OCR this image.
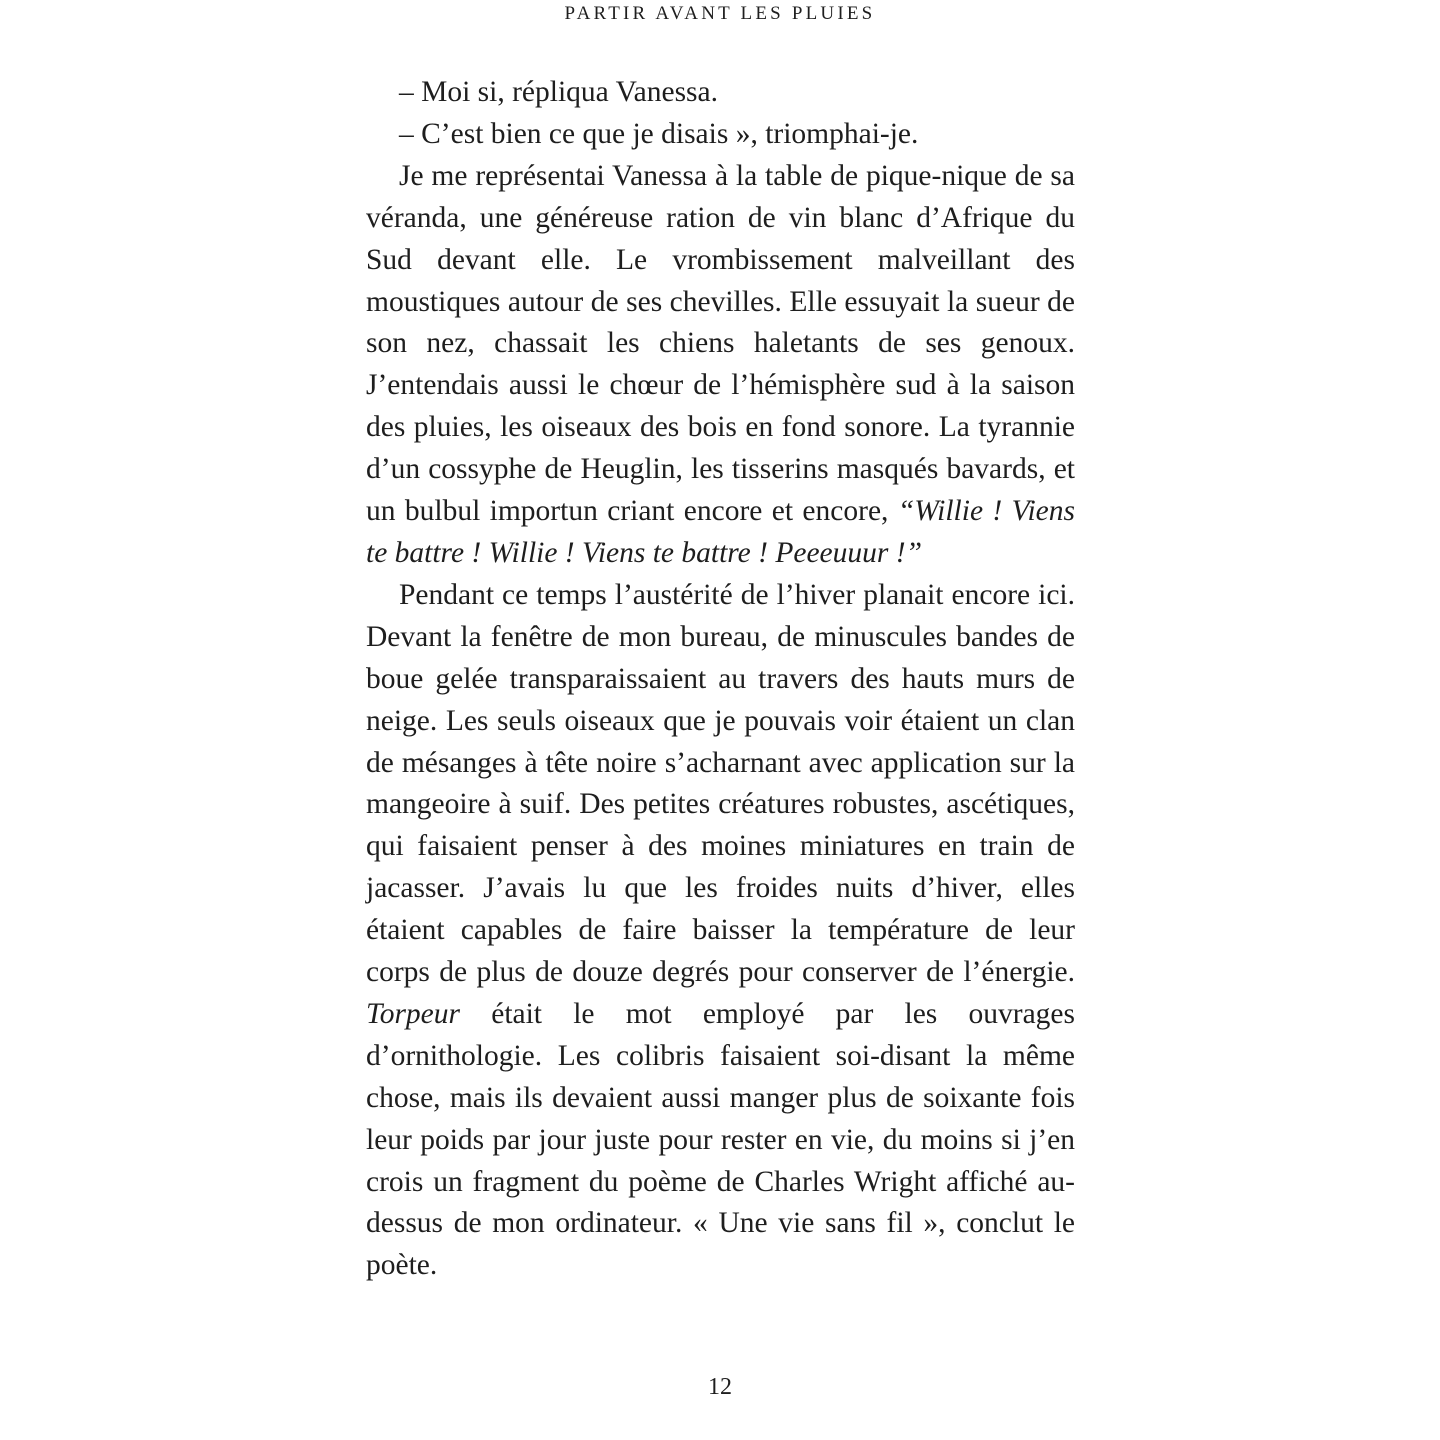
PARTIR AVANT LES PLUIES

– Moi si, répliqua Vanessa.

– C’est bien ce que je disais », triomphai-je.

Je me représentai Vanessa à la table de pique-nique de sa véranda, une généreuse ration de vin blanc d’Afrique du Sud devant elle. Le vrombissement malveillant des moustiques autour de ses chevilles. Elle essuyait la sueur de son nez, chassait les chiens haletants de ses genoux. J’entendais aussi le chœur de l’hémisphère sud à la saison des pluies, les oiseaux des bois en fond sonore. La tyrannie d’un cossyphe de Heuglin, les tisserins masqués bavards, et un bulbul importun criant encore et encore, “Willie ! Viens te battre ! Willie ! Viens te battre ! Peeeuuur !”

Pendant ce temps l’austérité de l’hiver planait encore ici. Devant la fenêtre de mon bureau, de minuscules bandes de boue gelée transparaissaient au travers des hauts murs de neige. Les seuls oiseaux que je pouvais voir étaient un clan de mésanges à tête noire s’acharnant avec application sur la mangeoire à suif. Des petites créatures robustes, ascétiques, qui faisaient penser à des moines miniatures en train de jacasser. J’avais lu que les froides nuits d’hiver, elles étaient capables de faire baisser la température de leur corps de plus de douze degrés pour conserver de l’énergie. Torpeur était le mot employé par les ouvrages d’ornithologie. Les colibris faisaient soi-disant la même chose, mais ils devaient aussi manger plus de soixante fois leur poids par jour juste pour rester en vie, du moins si j’en crois un fragment du poème de Charles Wright affiché au-dessus de mon ordinateur. « Une vie sans fil », conclut le poète.

12
